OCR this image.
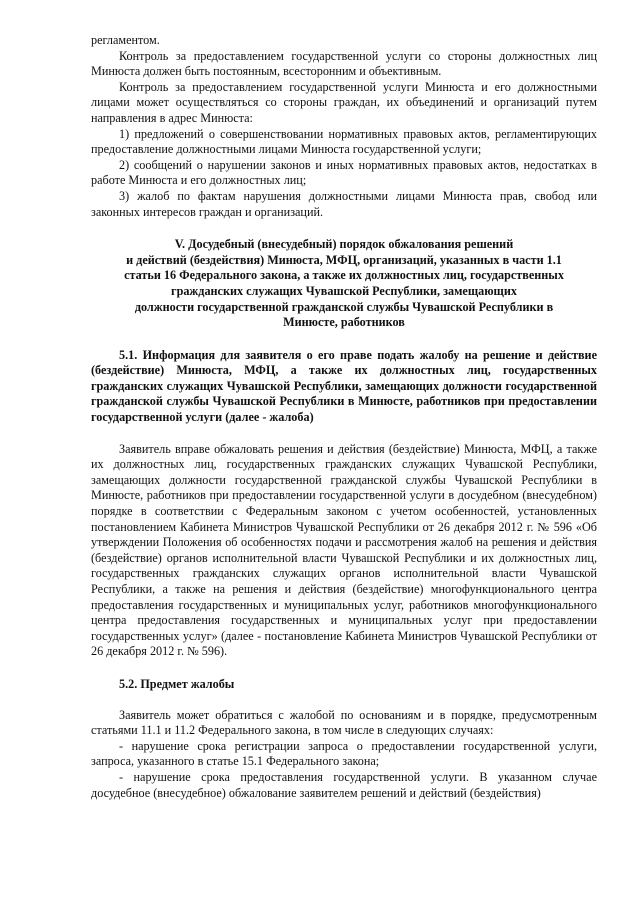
регламентом.

Контроль за предоставлением государственной услуги со стороны должностных лиц Минюста должен быть постоянным, всесторонним и объективным.

Контроль за предоставлением государственной услуги Минюста и его должностными лицами может осуществляться со стороны граждан, их объединений и организаций путем направления в адрес Минюста:

1) предложений о совершенствовании нормативных правовых актов, регламентирующих предоставление должностными лицами Минюста государственной услуги;

2) сообщений о нарушении законов и иных нормативных правовых актов, недостатках в работе Минюста и его должностных лиц;

3) жалоб по фактам нарушения должностными лицами Минюста прав, свобод или законных интересов граждан и организаций.

V. Досудебный (внесудебный) порядок обжалования решений
и действий (бездействия) Минюста, МФЦ, организаций, указанных в части 1.1
статьи 16 Федерального закона, а также их должностных лиц, государственных
гражданских служащих Чувашской Республики, замещающих
должности государственной гражданской службы Чувашской Республики в
Минюсте, работников

5.1. Информация для заявителя о его праве подать жалобу на решение и действие (бездействие) Минюста, МФЦ, а также их должностных лиц, государственных гражданских служащих Чувашской Республики, замещающих должности государственной гражданской службы Чувашской Республики в Минюсте, работников при предоставлении государственной услуги (далее - жалоба)

Заявитель вправе обжаловать решения и действия (бездействие) Минюста, МФЦ, а также их должностных лиц, государственных гражданских служащих Чувашской Республики, замещающих должности государственной гражданской службы Чувашской Республики в Минюсте, работников при предоставлении государственной услуги в досудебном (внесудебном) порядке в соответствии с Федеральным законом с учетом особенностей, установленных постановлением Кабинета Министров Чувашской Республики от 26 декабря 2012 г. № 596 «Об утверждении Положения об особенностях подачи и рассмотрения жалоб на решения и действия (бездействие) органов исполнительной власти Чувашской Республики и их должностных лиц, государственных гражданских служащих органов исполнительной власти Чувашской Республики, а также на решения и действия (бездействие) многофункционального центра предоставления государственных и муниципальных услуг, работников многофункционального центра предоставления государственных и муниципальных услуг при предоставлении государственных услуг» (далее - постановление Кабинета Министров Чувашской Республики от 26 декабря 2012 г. № 596).

5.2. Предмет жалобы

Заявитель может обратиться с жалобой по основаниям и в порядке, предусмотренным статьями 11.1 и 11.2 Федерального закона, в том числе в следующих случаях:

- нарушение срока регистрации запроса о предоставлении государственной услуги, запроса, указанного в статье 15.1 Федерального закона;

- нарушение срока предоставления государственной услуги. В указанном случае досудебное (внесудебное) обжалование заявителем решений и действий (бездействия)
